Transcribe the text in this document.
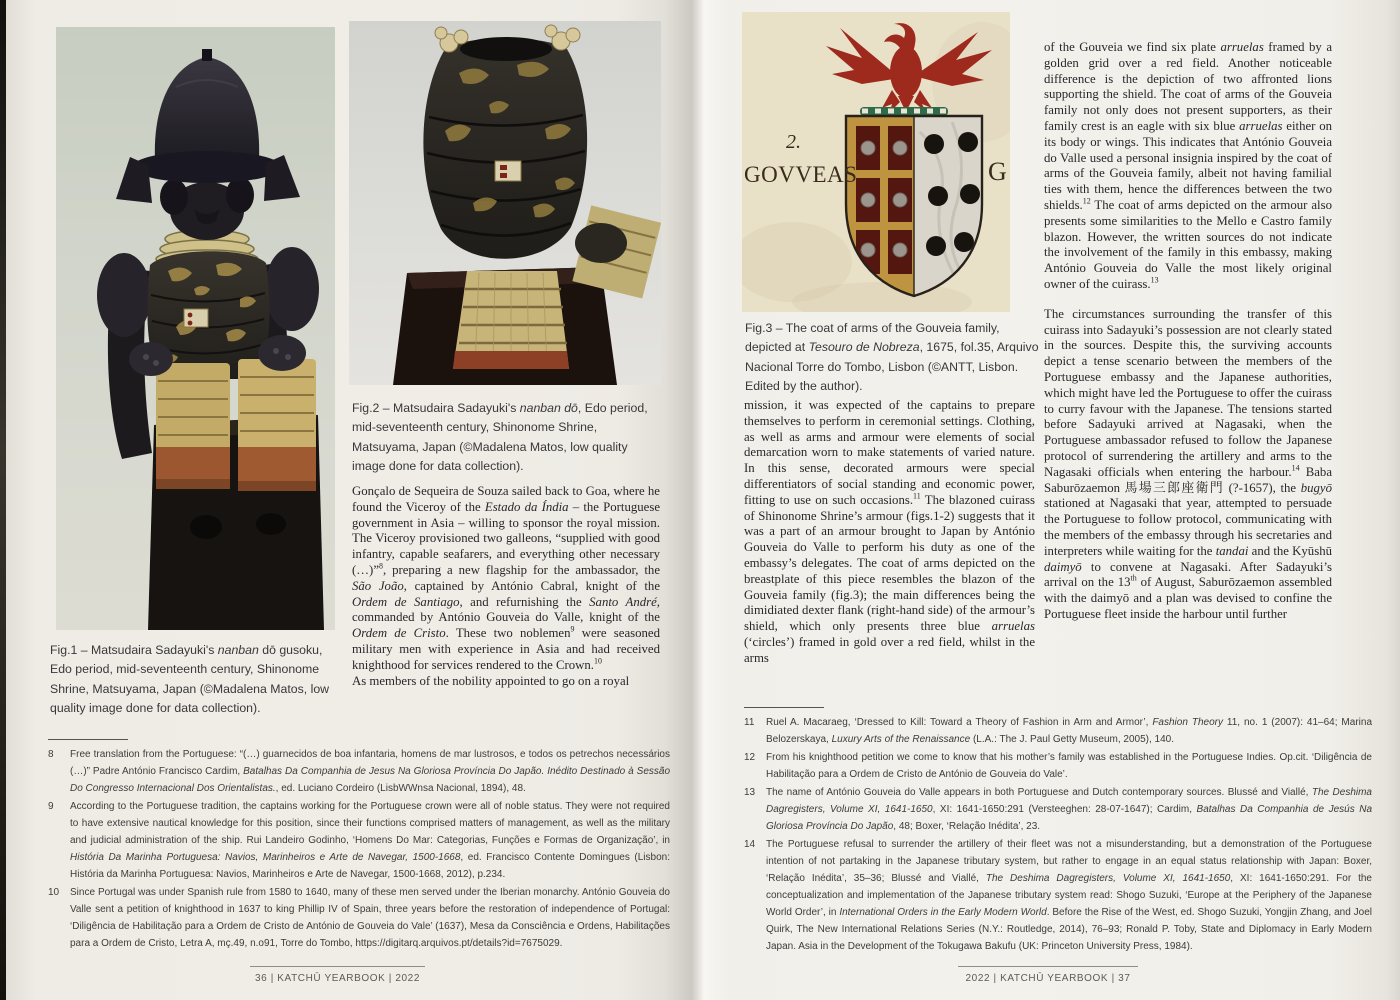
Fig.1 – Matsudaira Sadayuki's nanban dō gusoku, Edo period, mid-seventeenth century, Shinonome Shrine, Matsuyama, Japan (©Madalena Matos, low quality image done for data collection).
Fig.2 – Matsudaira Sadayuki's nanban dō, Edo period, mid-seventeenth century, Shinonome Shrine, Matsuyama, Japan (©Madalena Matos, low quality image done for data collection).

Gonçalo de Sequeira de Souza sailed back to Goa, where he found the Viceroy of the Estado da Índia – the Portuguese government in Asia – willing to sponsor the royal mission. The Viceroy provisioned two galleons, “supplied with good infantry, capable seafarers, and everything other necessary (…)”$^8$, preparing a new flagship for the ambassador, the São João, captained by António Cabral, knight of the Ordem de Santiago, and refurnishing the Santo André, commanded by António Gouveia do Valle, knight of the Ordem de Cristo. These two noblemen$^9$ were seasoned military men with experience in Asia and had received knighthood for services rendered to the Crown.$^{10}$

As members of the nobility appointed to go on a royal

8	Free translation from the Portuguese: “(…) guarnecidos de boa infantaria, homens de mar lustrosos, e todos os petrechos necessários (…)” Padre António Francisco Cardim, Batalhas Da Companhia de Jesus Na Gloriosa Província Do Japão. Inédito Destinado à Sessão Do Congresso Internacional Dos Orientalistas., ed. Luciano Cordeiro (LisbWWnsa Nacional, 1894), 48.
9	According to the Portuguese tradition, the captains working for the Portuguese crown were all of noble status. They were not required to have extensive nautical knowledge for this position, since their functions comprised matters of management, as well as the military and judicial administration of the ship. Rui Landeiro Godinho, ‘Homens Do Mar: Categorias, Funções e Formas de Organização’, in História Da Marinha Portuguesa: Navios, Marinheiros e Arte de Navegar, 1500-1668, ed. Francisco Contente Domingues (Lisbon: História da Marinha Portuguesa: Navios, Marinheiros e Arte de Navegar, 1500-1668, 2012), p.234.
10	Since Portugal was under Spanish rule from 1580 to 1640, many of these men served under the Iberian monarchy. António Gouveia do Valle sent a petition of knighthood in 1637 to king Phillip IV of Spain, three years before the restoration of independence of Portugal: ‘Diligência de Habilitação para a Ordem de Cristo de António de Gouveia do Vale’ (1637), Mesa da Consciência e Ordens, Habilitações para a Ordem de Cristo, Letra A, mç.49, n.o91, Torre do Tombo, https://digitarq.arquivos.pt/details?id=7675029.
36 | KATCHŪ YEARBOOK | 2022
2.
GOVVEAS	G
Fig.3 – The coat of arms of the Gouveia family, depicted at Tesouro de Nobreza, 1675, fol.35, Arquivo Nacional Torre do Tombo, Lisbon (©ANTT, Lisbon. Edited by the author).

mission, it was expected of the captains to prepare themselves to perform in ceremonial settings. Clothing, as well as arms and armour were elements of social demarcation worn to make statements of varied nature. In this sense, decorated armours were special differentiators of social standing and economic power, fitting to use on such occasions.$^{11}$ The blazoned cuirass of Shinonome Shrine’s armour (figs.1-2) suggests that it was a part of an armour brought to Japan by António Gouveia do Valle to perform his duty as one of the embassy’s delegates. The coat of arms depicted on the breastplate of this piece resembles the blazon of the Gouveia family (fig.3); the main differences being the dimidiated dexter flank (right-hand side) of the armour’s shield, which only presents three blue arruelas (‘circles’) framed in gold over a red field, whilst in the arms

of the Gouveia we find six plate arruelas framed by a golden grid over a red field. Another noticeable difference is the depiction of two affronted lions supporting the shield. The coat of arms of the Gouveia family not only does not present supporters, as their family crest is an eagle with six blue arruelas either on its body or wings. This indicates that António Gouveia do Valle used a personal insignia inspired by the coat of arms of the Gouveia family, albeit not having familial ties with them, hence the differences between the two shields.$^{12}$ The coat of arms depicted on the armour also presents some similarities to the Mello e Castro family blazon. However, the written sources do not indicate the involvement of the family in this embassy, making António Gouveia do Valle the most likely original owner of the cuirass.$^{13}$

The circumstances surrounding the transfer of this cuirass into Sadayuki’s possession are not clearly stated in the sources. Despite this, the surviving accounts depict a tense scenario between the members of the Portuguese embassy and the Japanese authorities, which might have led the Portuguese to offer the cuirass to curry favour with the Japanese. The tensions started before Sadayuki arrived at Nagasaki, when the Portuguese ambassador refused to follow the Japanese protocol of surrendering the artillery and arms to the Nagasaki officials when entering the harbour.$^{14}$ Baba Saburōzaemon 馬場三郎座衛門 (?-1657), the bugyō stationed at Nagasaki that year, attempted to persuade the Portuguese to follow protocol, communicating with the members of the embassy through his secretaries and interpreters while waiting for the tandai and the Kyūshū daimyō to convene at Nagasaki. After Sadayuki’s arrival on the 13th of August, Saburōzaemon assembled with the daimyō and a plan was devised to confine the Portuguese fleet inside the harbour until further

11	Ruel A. Macaraeg, ‘Dressed to Kill: Toward a Theory of Fashion in Arm and Armor’, Fashion Theory 11, no. 1 (2007): 41–64; Marina Belozerskaya, Luxury Arts of the Renaissance (L.A.: The J. Paul Getty Museum, 2005), 140.
12	From his knighthood petition we come to know that his mother’s family was established in the Portuguese Indies. Op.cit. ‘Diligência de Habilitação para a Ordem de Cristo de António de Gouveia do Vale’.
13	The name of António Gouveia do Valle appears in both Portuguese and Dutch contemporary sources. Blussé and Viallé, The Deshima Dagregisters, Volume XI, 1641-1650, XI: 1641-1650:291 (Versteeghen: 28-07-1647); Cardim, Batalhas Da Companhia de Jesús Na Gloriosa Província Do Japão, 48; Boxer, ‘Relação Inédita’, 23.
14	The Portuguese refusal to surrender the artillery of their fleet was not a misunderstanding, but a demonstration of the Portuguese intention of not partaking in the Japanese tributary system, but rather to engage in an equal status relationship with Japan: Boxer, ‘Relação Inédita’, 35–36; Blussé and Viallé, The Deshima Dagregisters, Volume XI, 1641-1650, XI: 1641-1650:291. For the conceptualization and implementation of the Japanese tributary system read: Shogo Suzuki, ‘Europe at the Periphery of the Japanese World Order’, in International Orders in the Early Modern World. Before the Rise of the West, ed. Shogo Suzuki, Yongjin Zhang, and Joel Quirk, The New International Relations Series (N.Y.: Routledge, 2014), 76–93; Ronald P. Toby, State and Diplomacy in Early Modern Japan. Asia in the Development of the Tokugawa Bakufu (UK: Princeton University Press, 1984).
2022 | KATCHŪ YEARBOOK | 37
